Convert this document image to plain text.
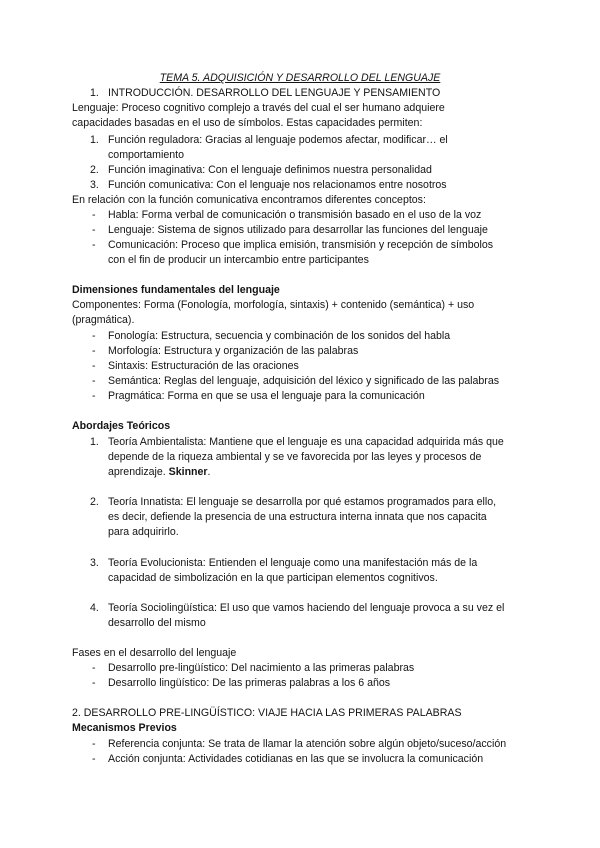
TEMA 5. ADQUISICIÓN Y DESARROLLO DEL LENGUAJE
1. INTRODUCCIÓN. DESARROLLO DEL LENGUAJE Y PENSAMIENTO
Lenguaje: Proceso cognitivo complejo a través del cual el ser humano adquiere
capacidades basadas en el uso de símbolos. Estas capacidades permiten:
1. Función reguladora: Gracias al lenguaje podemos afectar, modificar… el
comportamiento
2. Función imaginativa: Con el lenguaje definimos nuestra personalidad
3. Función comunicativa: Con el lenguaje nos relacionamos entre nosotros
En relación con la función comunicativa encontramos diferentes conceptos:
- Habla: Forma verbal de comunicación o transmisión basado en el uso de la voz
- Lenguaje: Sistema de signos utilizado para desarrollar las funciones del lenguaje
- Comunicación: Proceso que implica emisión, transmisión y recepción de símbolos
con el fin de producir un intercambio entre participantes
Dimensiones fundamentales del lenguaje
Componentes: Forma (Fonología, morfología, sintaxis) + contenido (semántica) + uso
(pragmática).
- Fonología: Estructura, secuencia y combinación de los sonidos del habla
- Morfología: Estructura y organización de las palabras
- Sintaxis: Estructuración de las oraciones
- Semántica: Reglas del lenguaje, adquisición del léxico y significado de las palabras
- Pragmática: Forma en que se usa el lenguaje para la comunicación
Abordajes Teóricos
1. Teoría Ambientalista: Mantiene que el lenguaje es una capacidad adquirida más que
depende de la riqueza ambiental y se ve favorecida por las leyes y procesos de
aprendizaje. Skinner.
2. Teoría Innatista: El lenguaje se desarrolla por qué estamos programados para ello,
es decir, defiende la presencia de una estructura interna innata que nos capacita
para adquirirlo.
3. Teoría Evolucionista: Entienden el lenguaje como una manifestación más de la
capacidad de simbolización en la que participan elementos cognitivos.
4. Teoría Sociolingüística: El uso que vamos haciendo del lenguaje provoca a su vez el
desarrollo del mismo
Fases en el desarrollo del lenguaje
- Desarrollo pre-lingüístico: Del nacimiento a las primeras palabras
- Desarrollo lingüístico: De las primeras palabras a los 6 años
2. DESARROLLO PRE-LINGÜÍSTICO: VIAJE HACIA LAS PRIMERAS PALABRAS
Mecanismos Previos
- Referencia conjunta: Se trata de llamar la atención sobre algún objeto/suceso/acción
- Acción conjunta: Actividades cotidianas en las que se involucra la comunicación
